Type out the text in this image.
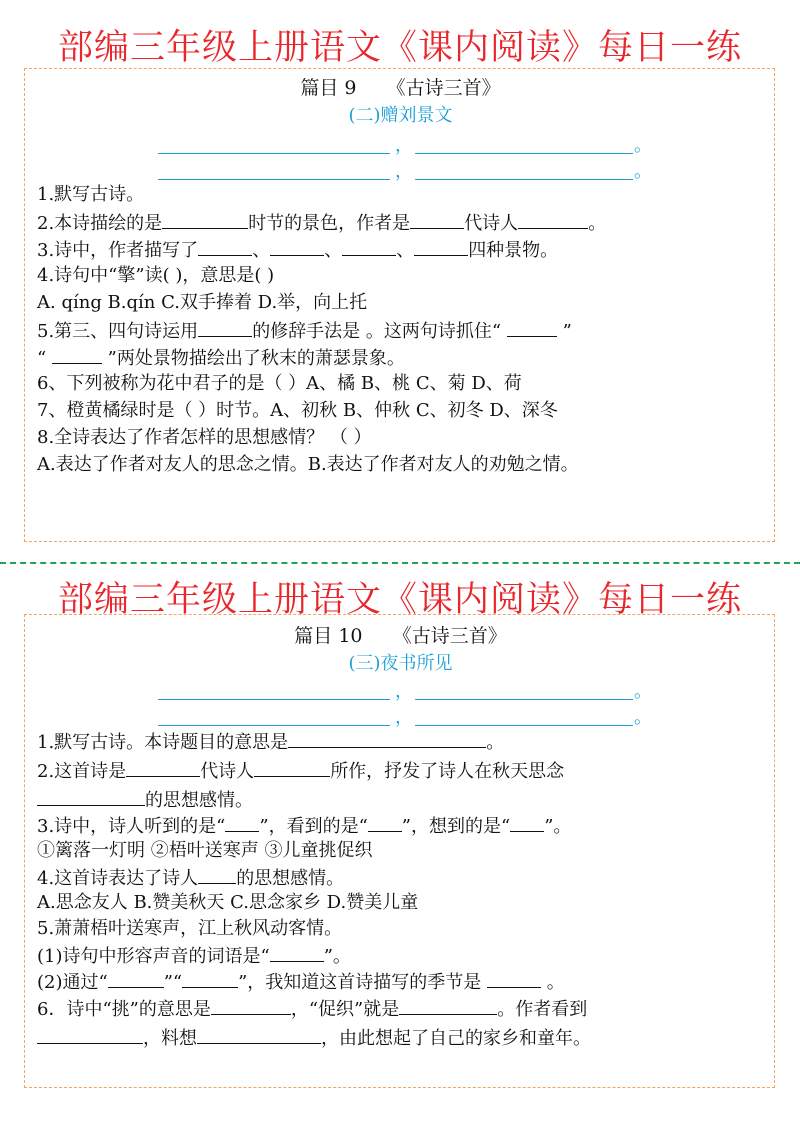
部编三年级上册语文《课内阅读》每日一练
篇目 9 《古诗三首》
(二)赠刘景文
，	。
，	。
1.默写古诗。
2.本诗描绘的是	时节的景色，作者是	代诗人	。
3.诗中，作者描写了	、	、	、	四种景物。
4.诗句中“擎”读( )，意思是( )
A. qíng B.qín C.双手捧着 D.举，向上托
5.第三、四句诗运用	的修辞手法是 。这两句诗抓住“	”
“	”两处景物描绘出了秋末的萧瑟景象。
6、下列被称为花中君子的是（ ）A、橘 B、桃 C、菊 D、荷
7、橙黄橘绿时是（ ）时节。A、初秋 B、仲秋 C、初冬 D、深冬
8.全诗表达了作者怎样的思想感情？ （ ）
A.表达了作者对友人的思念之情。B.表达了作者对友人的劝勉之情。
部编三年级上册语文《课内阅读》每日一练
篇目 10 《古诗三首》
(三)夜书所见
，	。
，	。
1.默写古诗。本诗题目的意思是	。
2.这首诗是	代诗人	所作，抒发了诗人在秋天思念
的思想感情。
3.诗中，诗人听到的是“ ”，看到的是“ ”，想到的是“ ”。
①篱落一灯明 ②梧叶送寒声 ③儿童挑促织
4.这首诗表达了诗人 的思想感情。
A.思念友人 B.赞美秋天 C.思念家乡 D.赞美儿童
5.萧萧梧叶送寒声，江上秋风动客情。
(1)诗句中形容声音的词语是“	”。
(2)通过“	”“	”，我知道这首诗描写的季节是	。
6．诗中“挑”的意思是	，“促织”就是	。作者看到
，料想	，由此想起了自己的家乡和童年。
